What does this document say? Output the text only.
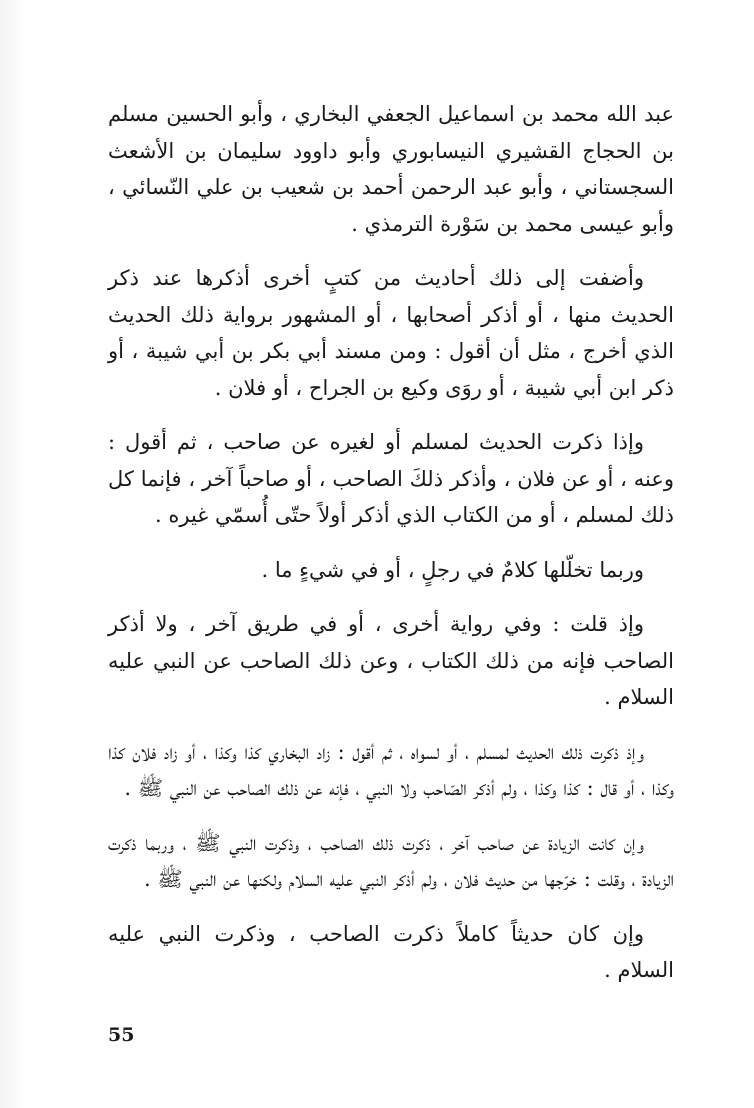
عبد الله محمد بن اسماعيل الجعفي البخاري ، وأبو الحسين مسلم بن الحجاج القشيري النيسابوري وأبو داوود سليمان بن الأشعث السجستاني ، وأبو عبد الرحمن أحمد بن شعيب بن علي النّسائي ، وأبو عيسى محمد بن سَوْرة الترمذي .

وأضفت إلى ذلك أحاديث من كتبٍ أخرى أذكرها عند ذكر الحديث منها ، أو أذكر أصحابها ، أو المشهور برواية ذلك الحديث الذي أخرج ، مثل أن أقول : ومن مسند أبي بكر بن أبي شيبة ، أو ذكر ابن أبي شيبة ، أو روَى وكيع بن الجراح ، أو فلان .

وإذا ذكرت الحديث لمسلم أو لغيره عن صاحب ، ثم أقول : وعنه ، أو عن فلان ، وأذكر ذلكَ الصاحب ، أو صاحباً آخر ، فإنما كل ذلك لمسلم ، أو من الكتاب الذي أذكر أولاً حتّى أُسمّي غيره .

وربما تخلّلها كلامٌ في رجلٍ ، أو في شيءٍ ما .

وإذ قلت : وفي رواية أخرى ، أو في طريق آخر ، ولا أذكر الصاحب فإنه من ذلك الكتاب ، وعن ذلك الصاحب عن النبي عليه السلام .

وإذ ذكرت ذلك الحديث لمسلم ، أو لسواه ، ثم أقول : زاد البخاري كذا وكذا ، أو زاد فلان كذا وكذا ، أو قال : كذا وكذا ، ولم أذكر الصّاحب ولا النبي ، فإنه عن ذلك الصاحب عن النبي ﷺ .

وإن كانت الزيادة عن صاحب آخر ، ذكرت ذلك الصاحب ، وذكرت النبي ﷺ ، وربما ذكرت الزيادة ، وقلت : خرّجها من حديث فلان ، ولم أذكر النبي عليه السلام ولكنها عن النبي ﷺ .

وإن كان حديثاً كاملاً ذكرت الصاحب ، وذكرت النبي عليه السلام .

55
